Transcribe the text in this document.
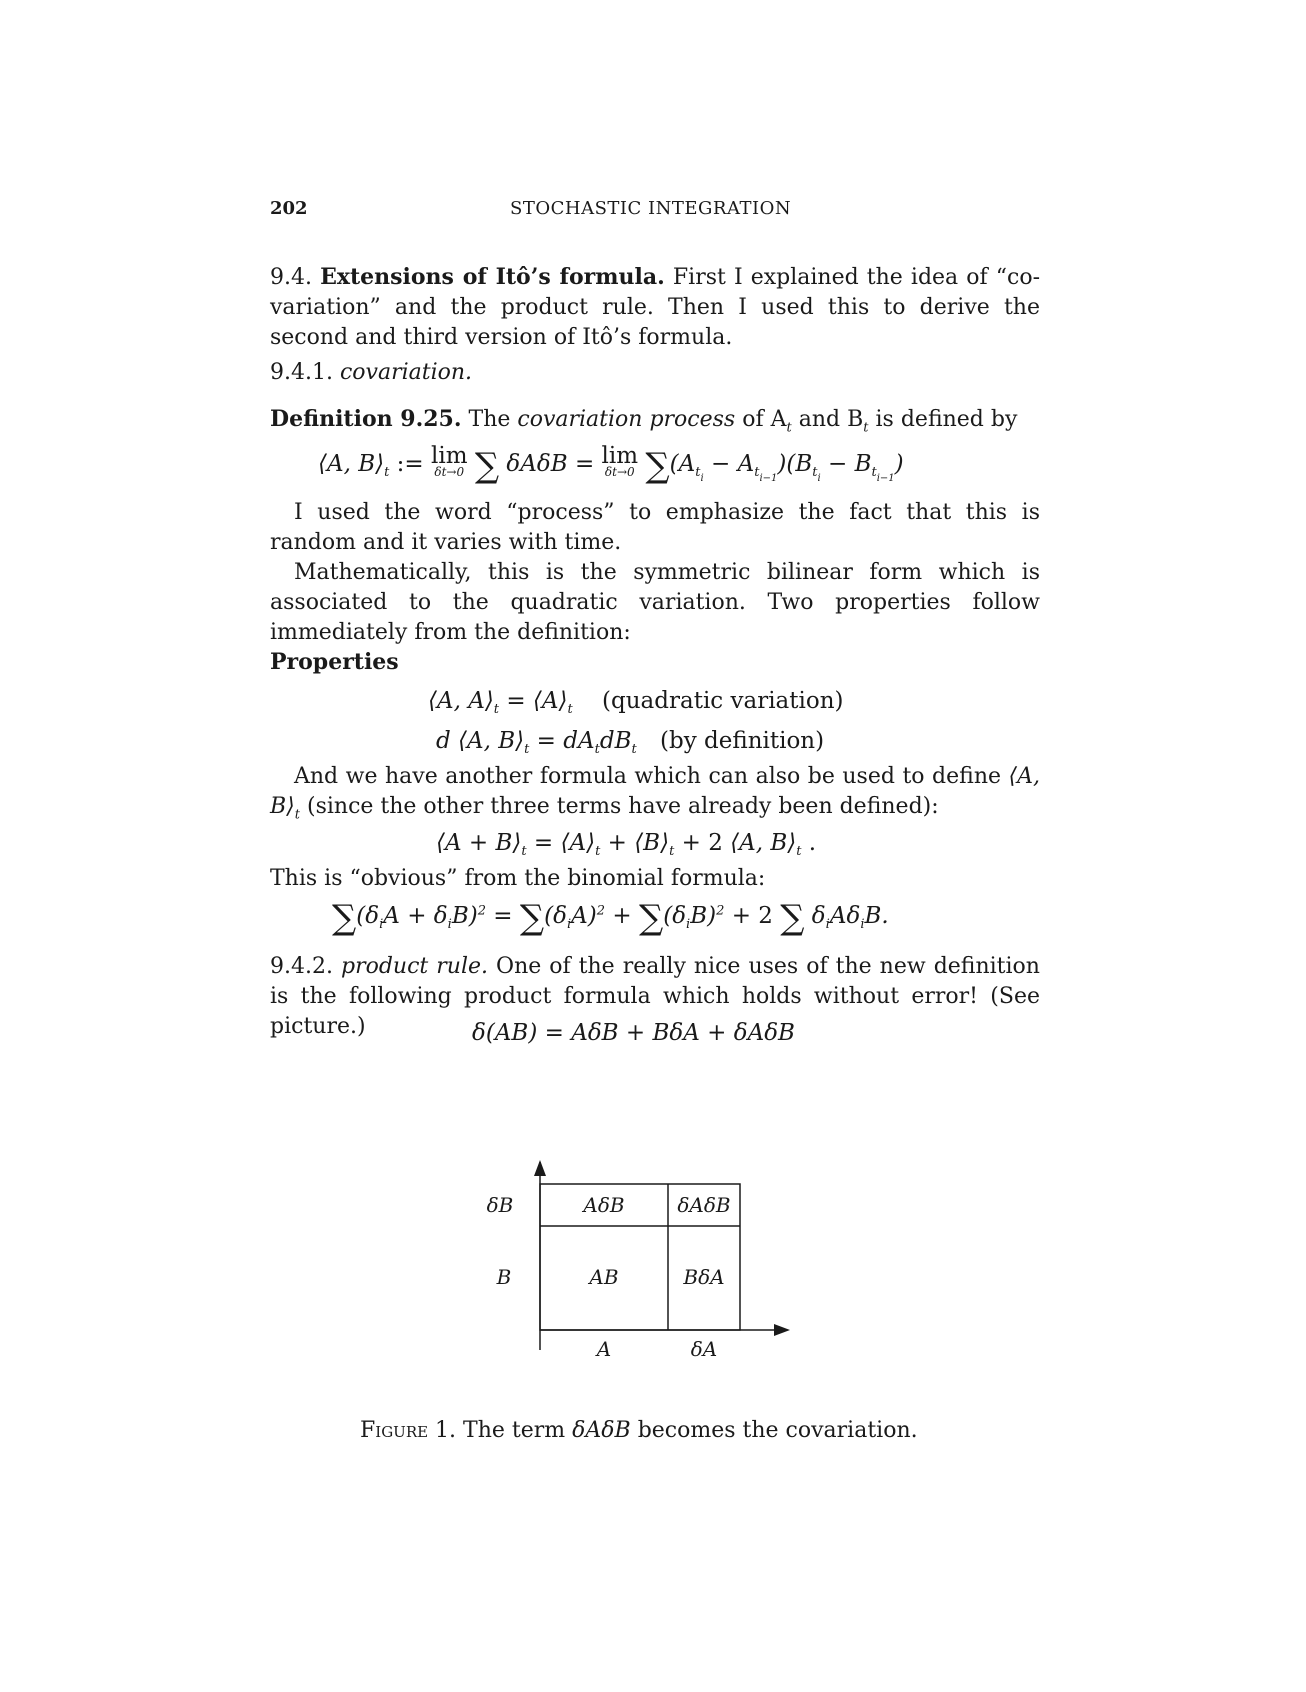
202	STOCHASTIC INTEGRATION

9.4. Extensions of Itô’s formula. First I explained the idea of “co-variation” and the product rule. Then I used this to derive the second and third version of Itô’s formula.

9.4.1. covariation.

Definition 9.25. The covariation process of $A_t$ and $B_t$ is defined by

⟨A, $B⟩_t$ := lim
δt→0 ∑ δAδB = lim
δt→0 $\sum(A_{t_i} - A_{t_{i-1}})(B_{t_i} - B_{t_{i-1}})$

I used the word “process” to emphasize the fact that this is random and it varies with time.

Mathematically, this is the symmetric bilinear form which is associated to the quadratic variation. Two properties follow immediately from the definition:

Properties
⟨A, $A⟩_t$ = $⟨A⟩_t$ (quadratic variation)
d ⟨A, $B⟩_t = dA_tdB_t$ (by definition)

And we have another formula which can also be used to define ⟨A, $B⟩_t$ (since the other three terms have already been defined):

⟨A + $B⟩_t$ = $⟨A⟩_t$ + $⟨B⟩_t + 2$ ⟨A, $B⟩_t$ .
This is “obvious” from the binomial formula:
$\sum(\delta_iA + \delta_iB)^2 = \sum(\delta_iA)^2 + \sum(\delta_iB)^2 + 2$ ∑ $\delta_iA\delta_iB$.

9.4.2. product rule. One of the really nice uses of the new definition is the following product formula which holds without error! (See picture.)	δ(AB) = AδB + BδA + δAδB
AδB	δAδB
AB	BδA
δB
B
A	δA
Figure 1. The term δAδB becomes the covariation.
